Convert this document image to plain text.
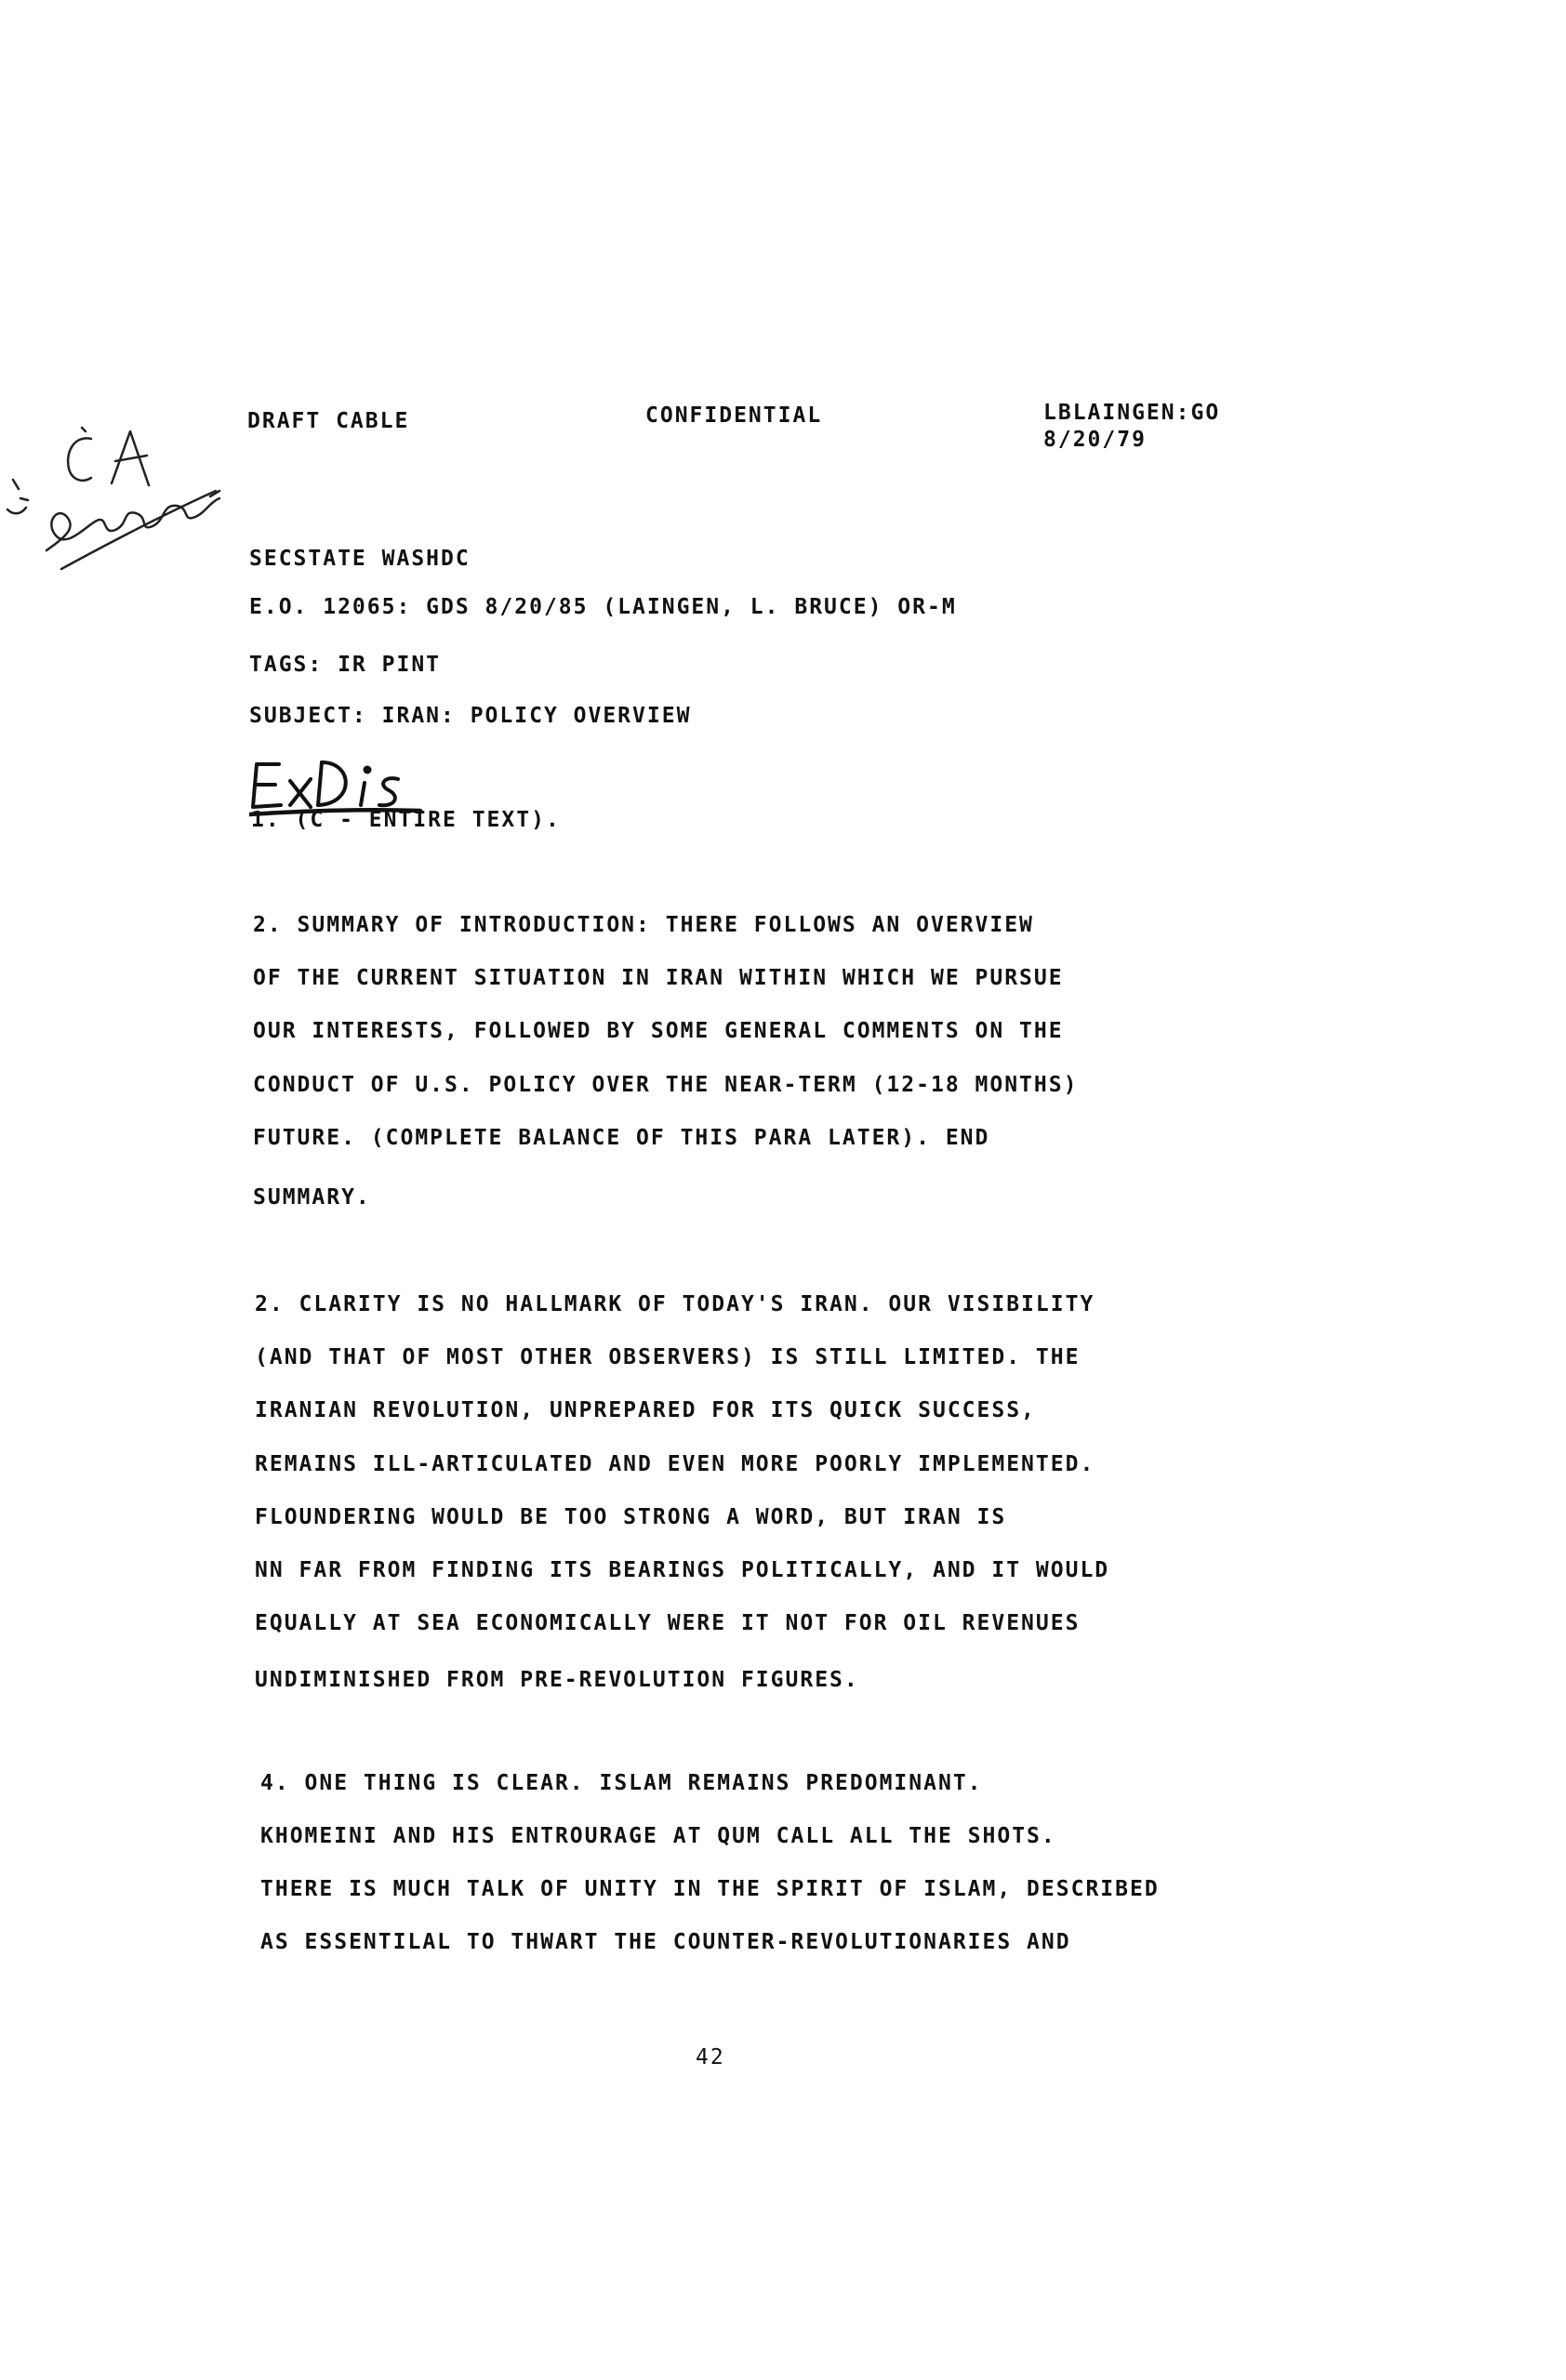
DRAFT CABLE	CONFIDENTIAL	LBLAINGEN:GO
8/20/79
SECSTATE WASHDC
E.O. 12065: GDS 8/20/85 (LAINGEN, L. BRUCE) OR-M
TAGS: IR PINT
SUBJECT: IRAN: POLICY OVERVIEW
1. (C - ENTIRE TEXT).
2. SUMMARY OF INTRODUCTION: THERE FOLLOWS AN OVERVIEW
OF THE CURRENT SITUATION IN IRAN WITHIN WHICH WE PURSUE
OUR INTERESTS, FOLLOWED BY SOME GENERAL COMMENTS ON THE
CONDUCT OF U.S. POLICY OVER THE NEAR-TERM (12-18 MONTHS)
FUTURE. (COMPLETE BALANCE OF THIS PARA LATER). END
SUMMARY.
2. CLARITY IS NO HALLMARK OF TODAY'S IRAN. OUR VISIBILITY
(AND THAT OF MOST OTHER OBSERVERS) IS STILL LIMITED. THE
IRANIAN REVOLUTION, UNPREPARED FOR ITS QUICK SUCCESS,
REMAINS ILL-ARTICULATED AND EVEN MORE POORLY IMPLEMENTED.
FLOUNDERING WOULD BE TOO STRONG A WORD, BUT IRAN IS
NN FAR FROM FINDING ITS BEARINGS POLITICALLY, AND IT WOULD
EQUALLY AT SEA ECONOMICALLY WERE IT NOT FOR OIL REVENUES
UNDIMINISHED FROM PRE-REVOLUTION FIGURES.
4. ONE THING IS CLEAR. ISLAM REMAINS PREDOMINANT.
KHOMEINI AND HIS ENTROURAGE AT QUM CALL ALL THE SHOTS.
THERE IS MUCH TALK OF UNITY IN THE SPIRIT OF ISLAM, DESCRIBED
AS ESSENTILAL TO THWART THE COUNTER-REVOLUTIONARIES AND
42
